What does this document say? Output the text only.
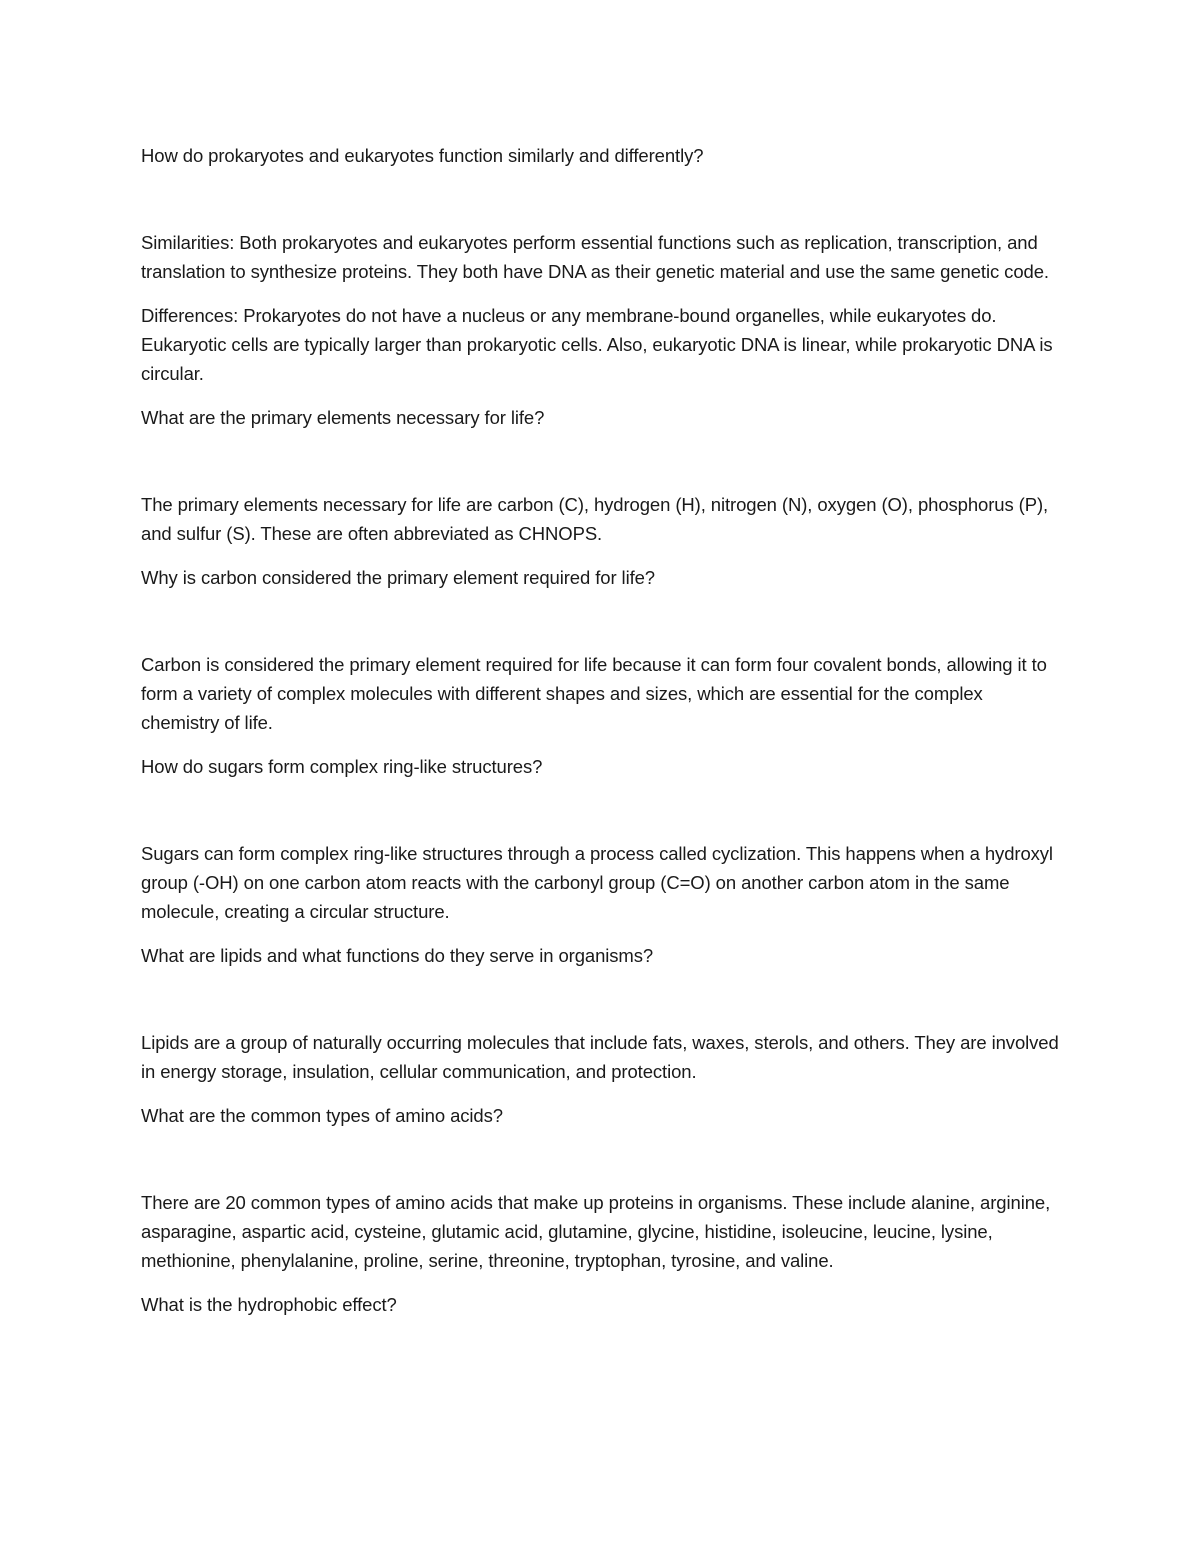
How do prokaryotes and eukaryotes function similarly and differently?

Similarities: Both prokaryotes and eukaryotes perform essential functions such as replication, transcription, and translation to synthesize proteins. They both have DNA as their genetic material and use the same genetic code.

Differences: Prokaryotes do not have a nucleus or any membrane-bound organelles, while eukaryotes do. Eukaryotic cells are typically larger than prokaryotic cells. Also, eukaryotic DNA is linear, while prokaryotic DNA is circular.

What are the primary elements necessary for life?

The primary elements necessary for life are carbon (C), hydrogen (H), nitrogen (N), oxygen (O), phosphorus (P), and sulfur (S). These are often abbreviated as CHNOPS.

Why is carbon considered the primary element required for life?

Carbon is considered the primary element required for life because it can form four covalent bonds, allowing it to form a variety of complex molecules with different shapes and sizes, which are essential for the complex chemistry of life.

How do sugars form complex ring-like structures?

Sugars can form complex ring-like structures through a process called cyclization. This happens when a hydroxyl group (-OH) on one carbon atom reacts with the carbonyl group (C=O) on another carbon atom in the same molecule, creating a circular structure.

What are lipids and what functions do they serve in organisms?

Lipids are a group of naturally occurring molecules that include fats, waxes, sterols, and others. They are involved in energy storage, insulation, cellular communication, and protection.

What are the common types of amino acids?

There are 20 common types of amino acids that make up proteins in organisms. These include alanine, arginine, asparagine, aspartic acid, cysteine, glutamic acid, glutamine, glycine, histidine, isoleucine, leucine, lysine, methionine, phenylalanine, proline, serine, threonine, tryptophan, tyrosine, and valine.

What is the hydrophobic effect?
